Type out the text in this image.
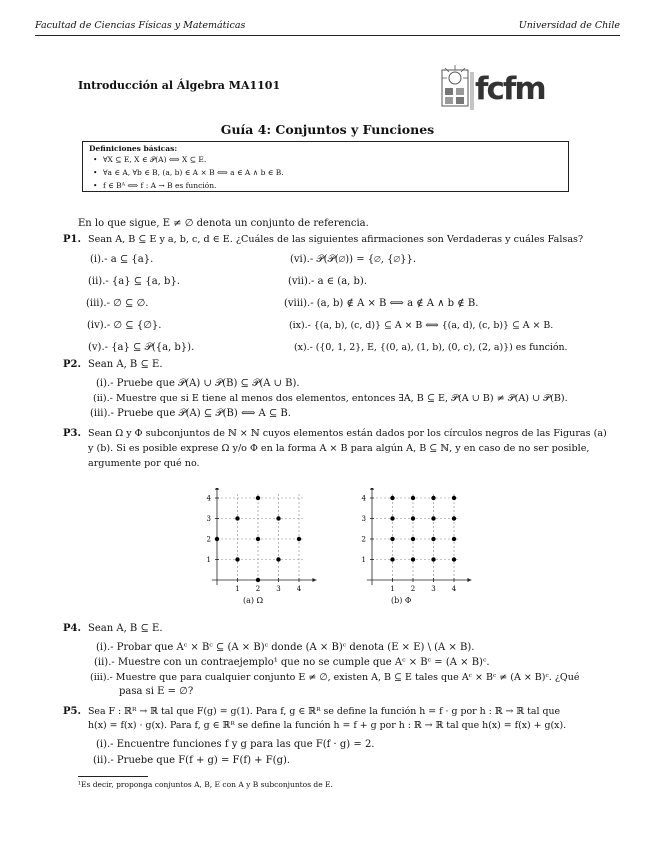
Facultad de Ciencias Físicas y Matemáticas	Universidad de Chile
Introducción al Álgebra MA1101	fcfm
Guía 4: Conjuntos y Funciones
Definiciones básicas:
• ∀X ⊆ E, X ∈ 𝒫(A) ⟺ X ⊆ E.
• ∀a ∈ A, ∀b ∈ B, (a, b) ∈ A × B ⟺ a ∈ A ∧ b ∈ B.
• f ∈ Bᴬ ⟺ f : A → B es función.
En lo que sigue, E ≠ ∅ denota un conjunto de referencia.
P1. Sean A, B ⊆ E y a, b, c, d ∈ E. ¿Cuáles de las siguientes afirmaciones son Verdaderas y cuáles Falsas?
(i).- a ⊆ {a}.
(ii).- {a} ⊆ {a, b}.
(iii).- ∅ ⊆ ∅.
(iv).- ∅ ⊆ {∅}.
(v).- {a} ⊆ 𝒫({a, b}).
(vi).- 𝒫(𝒫(∅)) = {∅, {∅}}.
(vii).- a ∈ (a, b).
(viii).- (a, b) ∉ A × B ⟺ a ∉ A ∧ b ∉ B.
(ix).- {(a, b), (c, d)} ⊆ A × B ⟺ {(a, d), (c, b)} ⊆ A × B.
(x).- ({0, 1, 2}, E, {(0, a), (1, b), (0, c), (2, a)}) es función.
P2. Sean A, B ⊆ E.
(i).- Pruebe que 𝒫(A) ∪ 𝒫(B) ⊆ 𝒫(A ∪ B).
(ii).- Muestre que si E tiene al menos dos elementos, entonces ∃A, B ⊆ E, 𝒫(A ∪ B) ≠ 𝒫(A) ∪ 𝒫(B).
(iii).- Pruebe que 𝒫(A) ⊆ 𝒫(B) ⟺ A ⊆ B.
P3. Sean Ω y Φ subconjuntos de ℕ × ℕ cuyos elementos están dados por los círculos negros de las Figuras (a)
y (b). Si es posible exprese Ω y/o Φ en la forma A × B para algún A, B ⊆ ℕ, y en caso de no ser posible,
argumente por qué no.
1 2 3 4
1
2
3
4
(a) Ω
1 2 3 4
1
2
3
4
(b) Φ
P4. Sean A, B ⊆ E.
(i).- Probar que Aᶜ × Bᶜ ⊆ (A × B)ᶜ donde (A × B)ᶜ denota (E × E) \ (A × B).
(ii).- Muestre con un contraejemplo¹ que no se cumple que Aᶜ × Bᶜ = (A × B)ᶜ.
(iii).- Muestre que para cualquier conjunto E ≠ ∅, existen A, B ⊆ E tales que Aᶜ × Bᶜ ≠ (A × B)ᶜ. ¿Qué
pasa si E = ∅?
P5. Sea F : ℝᴿ → ℝ tal que F(g) = g(1). Para f, g ∈ ℝᴿ se define la función h = f · g por h : ℝ → ℝ tal que
h(x) = f(x) · g(x). Para f, g ∈ ℝᴿ se define la función h = f + g por h : ℝ → ℝ tal que h(x) = f(x) + g(x).
(i).- Encuentre funciones f y g para las que F(f · g) = 2.
(ii).- Pruebe que F(f + g) = F(f) + F(g).
¹Es decir, proponga conjuntos A, B, E con A y B subconjuntos de E.
